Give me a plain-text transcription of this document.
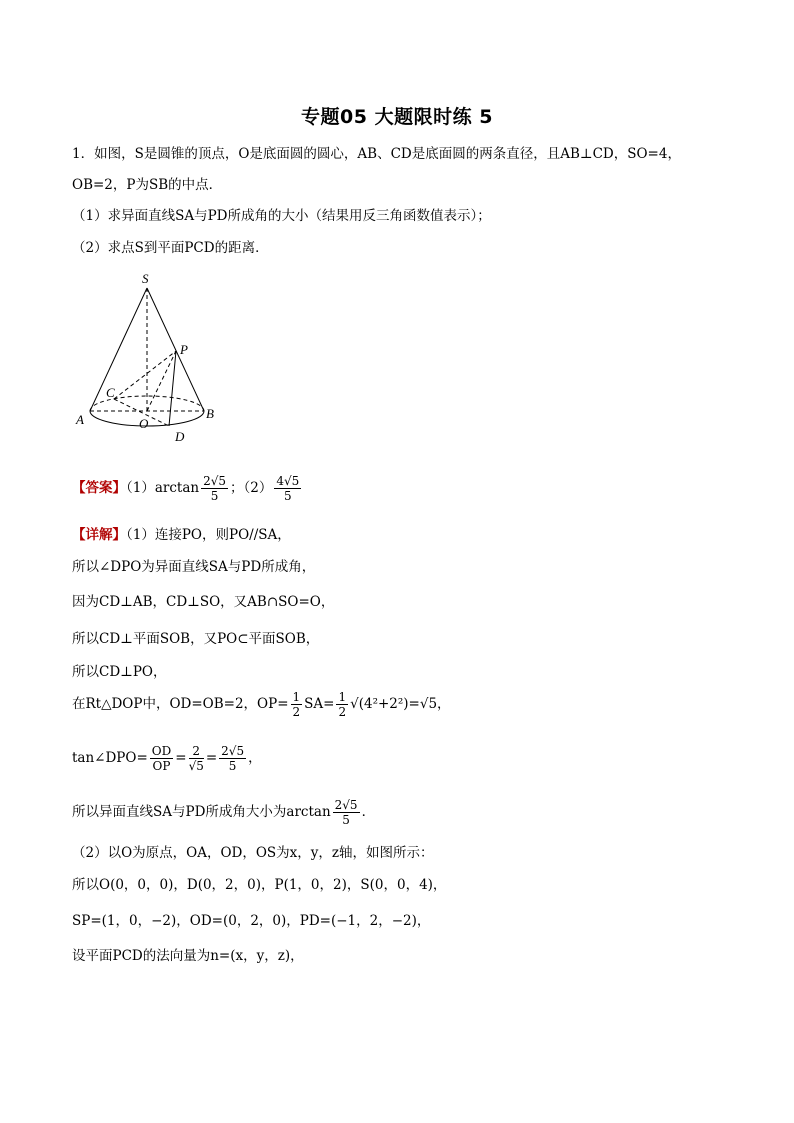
专题05 大题限时练 5
1．如图，S是圆锥的顶点，O是底面圆的圆心，AB、CD是底面圆的两条直径，且AB⊥CD，SO=4，
OB=2，P为SB的中点．
（1）求异面直线SA与PD所成角的大小（结果用反三角函数值表示）；
（2）求点S到平面PCD的距离．
S
P
C
A	O
B
D
【答案】$(1)\arctan \frac{2√5}{5}$ ；$(2) \frac{4√5}{5}$
【详解】（1）连接PO，则PO//SA，
所以∠DPO为异面直线SA与PD所成角，
因为CD⊥AB，CD⊥SO，又AB∩SO=O，
所以CD⊥平面SOB，又PO⊂平面SOB，
所以CD⊥PO，
在Rt△DOP中，OD=OB=2，$OP= \frac{1}{2} SA= \frac{1}{2} √(4^2+2^2)=√5$，
tan∠DPO= $\frac{OD}{OP} = \frac{2}{√5} = \frac{2√5}{5}$ ，
所以异面直线SA与PD所成角大小为$\arctan \frac{2√5}{5}$ ．
（2）以O为原点，OA，OD，OS为x，y，z轴，如图所示：
所以O(0，0，0)，D(0，2，0)，P(1，0，2)，S(0，0，4)，
SP=(1，0，−2)，OD=(0，2，0)，PD=(−1，2，−2)，
设平面PCD的法向量为n=(x，y，z)，
